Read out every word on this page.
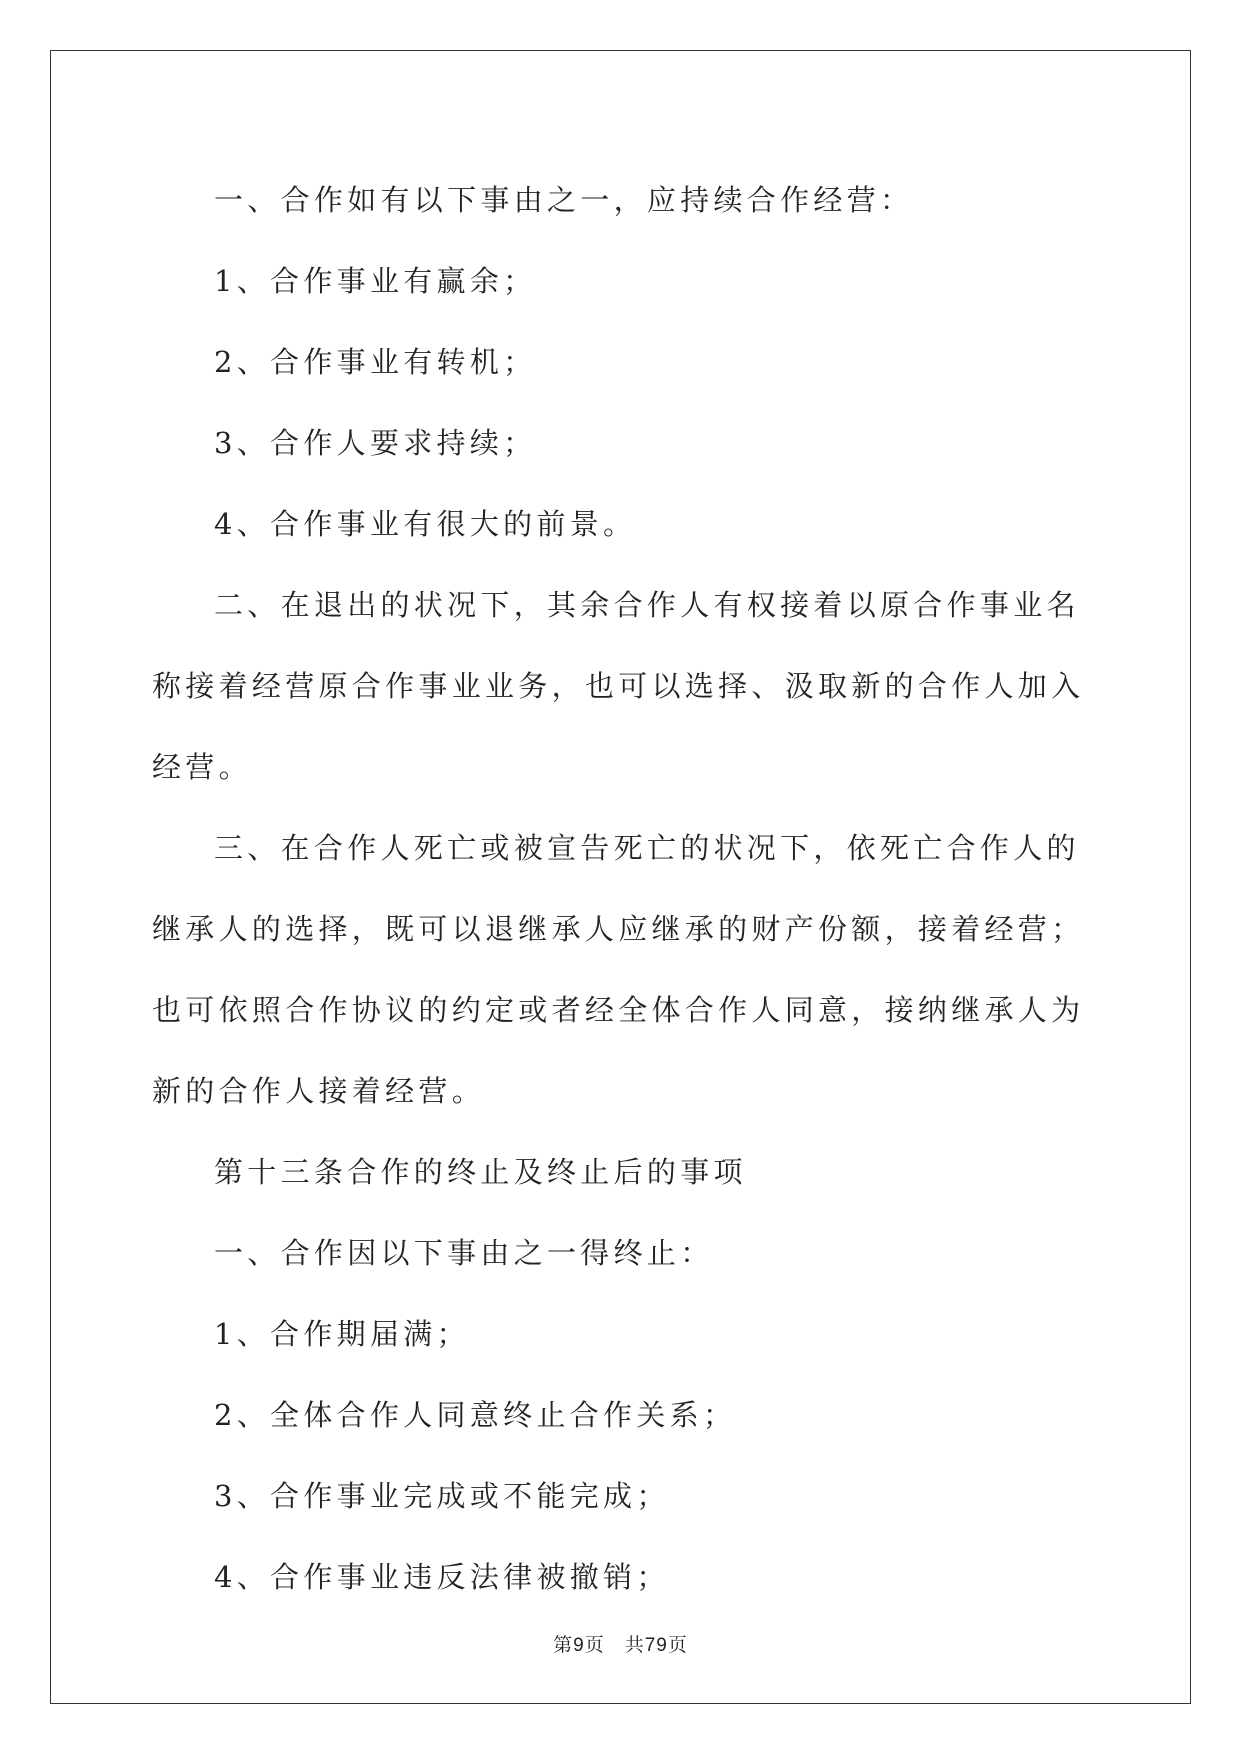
一、合作如有以下事由之一，应持续合作经营：

1、合作事业有赢余；

2、合作事业有转机；

3、合作人要求持续；

4、合作事业有很大的前景。

二、在退出的状况下，其余合作人有权接着以原合作事业名称接着经营原合作事业业务，也可以选择、汲取新的合作人加入经营。

三、在合作人死亡或被宣告死亡的状况下，依死亡合作人的继承人的选择，既可以退继承人应继承的财产份额，接着经营；也可依照合作协议的约定或者经全体合作人同意，接纳继承人为新的合作人接着经营。

第十三条合作的终止及终止后的事项

一、合作因以下事由之一得终止：

1、合作期届满；

2、全体合作人同意终止合作关系；

3、合作事业完成或不能完成；

4、合作事业违反法律被撤销；

第9页 共79页
